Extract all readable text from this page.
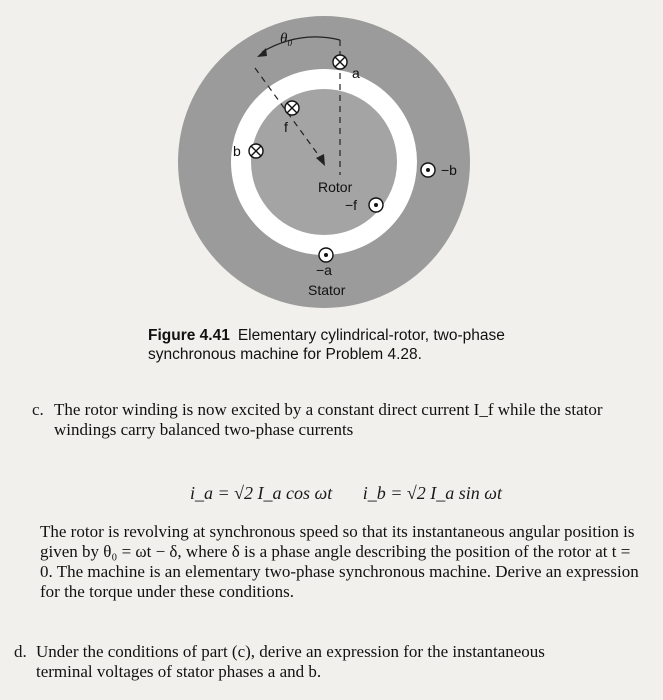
θ₀
a
b
f
−b
−f
−a
Rotor
Stator
Figure 4.41 Elementary cylindrical-rotor, two-phase synchronous machine for Problem 4.28.
c. The rotor winding is now excited by a constant direct current I_f while the stator windings carry balanced two-phase currents
i_a = √2 I_a cos ωt i_b = √2 I_a sin ωt
The rotor is revolving at synchronous speed so that its instantaneous angular position is given by θ₀ = ωt − δ, where δ is a phase angle describing the position of the rotor at t = 0. The machine is an elementary two-phase synchronous machine. Derive an expression for the torque under these conditions.
d. Under the conditions of part (c), derive an expression for the instantaneous terminal voltages of stator phases a and b.
